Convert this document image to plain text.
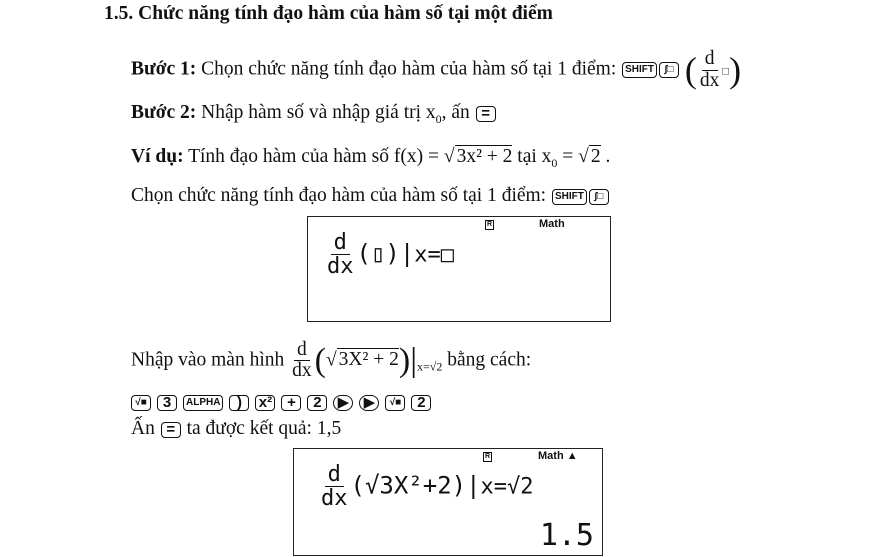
1.5. Chức năng tính đạo hàm của hàm số tại một điểm
Bước 1: Chọn chức năng tính đạo hàm của hàm số tại 1 điểm: SHIFT ∫□ ( $\frac{d}{dx}$ □)
Bước 2: Nhập hàm số và nhập giá trị $x_0$, ấn =
Ví dụ: Tính đạo hàm của hàm số f(x) = √ 3x² + 2 tại $x_0$ = √ 2 .
Chọn chức năng tính đạo hàm của hàm số tại 1 điểm: SHIFT ∫□
R	Math
$\frac{d}{dx}$ (▯)|x=□
Nhập vào màn hình $\frac{d}{dx}$ (√ $3X^2 + 2)|_{x=√2}$ bằng cách:
√■ 3 ALPHA ) x² + 2 ▶ ▶ √■ 2
Ấn = ta được kết quả: 1,5
R	Math ▲
$\frac{d}{dx} (√3X^2+2)|x=√2$
1.5
